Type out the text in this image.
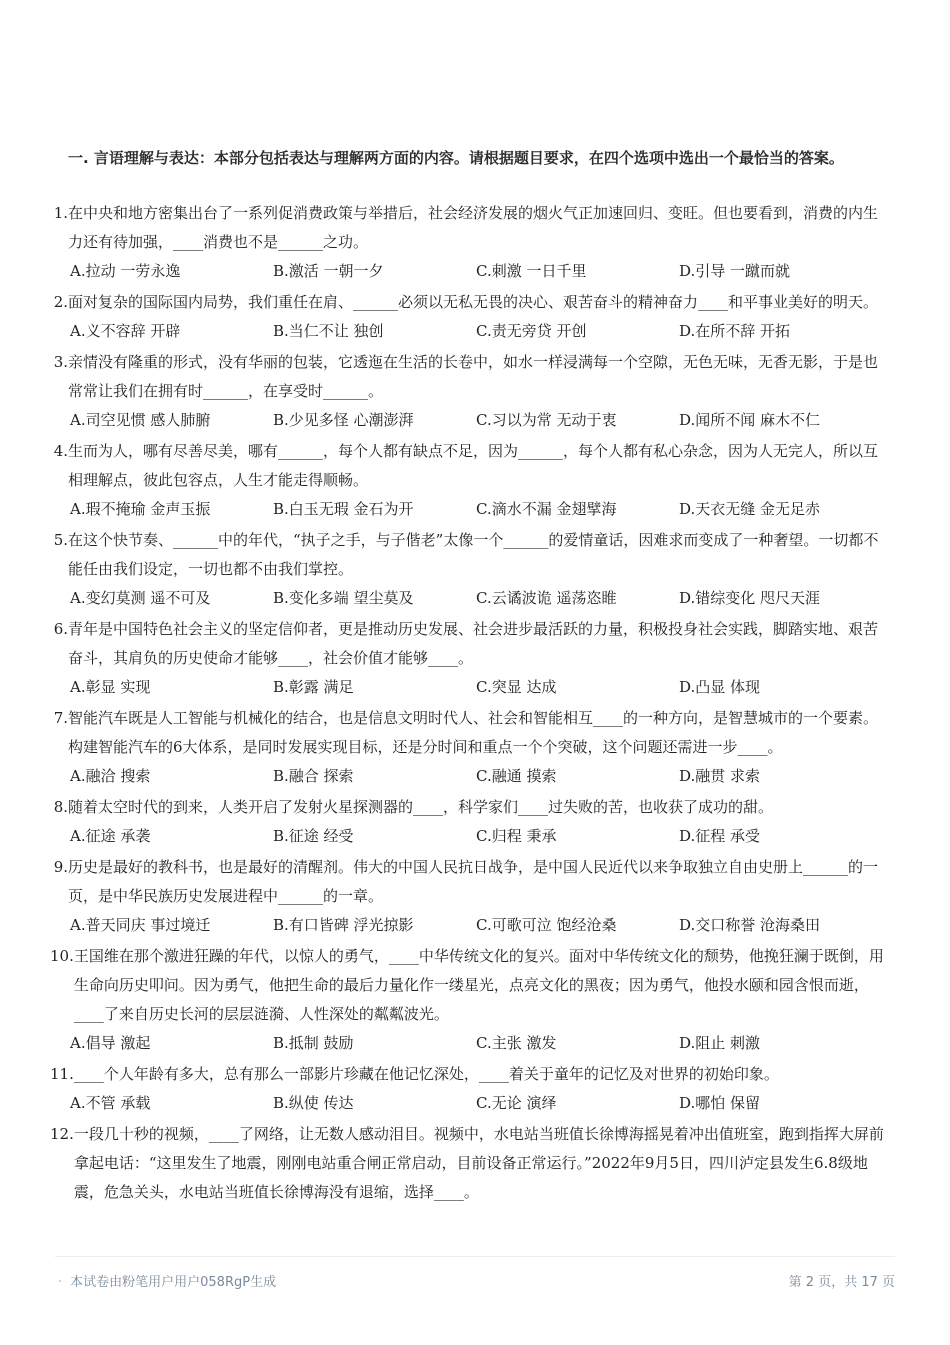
一. 言语理解与表达：本部分包括表达与理解两方面的内容。请根据题目要求，在四个选项中选出一个最恰当的答案。
1. 在中央和地方密集出台了一系列促消费政策与举措后，社会经济发展的烟火气正加速回归、变旺。但也要看到，消费的内生力还有待加强，____消费也不是______之功。
A.拉动 一劳永逸	B.激活 一朝一夕	C.刺激 一日千里	D.引导 一蹴而就
2. 面对复杂的国际国内局势，我们重任在肩、______必须以无私无畏的决心、艰苦奋斗的精神奋力____和平事业美好的明天。
A.义不容辞 开辟	B.当仁不让 独创	C.责无旁贷 开创	D.在所不辞 开拓
3. 亲情没有隆重的形式，没有华丽的包装，它透迤在生活的长卷中，如水一样浸满每一个空隙，无色无味，无香无影，于是也常常让我们在拥有时______，在享受时______。
A.司空见惯 感人肺腑	B.少见多怪 心潮澎湃	C.习以为常 无动于衷	D.闻所不闻 麻木不仁
4. 生而为人，哪有尽善尽美，哪有______，每个人都有缺点不足，因为______，每个人都有私心杂念，因为人无完人，所以互相理解点，彼此包容点，人生才能走得顺畅。
A.瑕不掩瑜 金声玉振	B.白玉无瑕 金石为开	C.滴水不漏 金翅擘海	D.天衣无缝 金无足赤
5. 在这个快节奏、______中的年代，“执子之手，与子偕老”太像一个______的爱情童话，因难求而变成了一种奢望。一切都不能任由我们设定，一切也都不由我们掌控。
A.变幻莫测 遥不可及	B.变化多端 望尘莫及	C.云谲波诡 遥荡恣睢	D.错综变化 咫尺天涯
6. 青年是中国特色社会主义的坚定信仰者，更是推动历史发展、社会进步最活跃的力量，积极投身社会实践，脚踏实地、艰苦奋斗，其肩负的历史使命才能够____，社会价值才能够____。
A.彰显 实现	B.彰露 满足	C.突显 达成	D.凸显 体现
7. 智能汽车既是人工智能与机械化的结合，也是信息文明时代人、社会和智能相互____的一种方向，是智慧城市的一个要素。构建智能汽车的6大体系，是同时发展实现目标，还是分时间和重点一个个突破，这个问题还需进一步____。
A.融洽 搜索	B.融合 探索	C.融通 摸索	D.融贯 求索
8. 随着太空时代的到来，人类开启了发射火星探测器的____，科学家们____过失败的苦，也收获了成功的甜。
A.征途 承袭	B.征途 经受	C.归程 秉承	D.征程 承受
9. 历史是最好的教科书，也是最好的清醒剂。伟大的中国人民抗日战争，是中国人民近代以来争取独立自由史册上______的一页，是中华民族历史发展进程中______的一章。
A.普天同庆 事过境迁	B.有口皆碑 浮光掠影	C.可歌可泣 饱经沧桑	D.交口称誉 沧海桑田
10. 王国维在那个激进狂躁的年代，以惊人的勇气，____中华传统文化的复兴。面对中华传统文化的颓势，他挽狂澜于既倒，用生命向历史叩问。因为勇气，他把生命的最后力量化作一缕星光，点亮文化的黑夜；因为勇气，他投水颐和园含恨而逝，____了来自历史长河的层层涟漪、人性深处的粼粼波光。
A.倡导 激起	B.抵制 鼓励	C.主张 激发	D.阻止 刺激
11. ____个人年龄有多大，总有那么一部影片珍藏在他记忆深处，____着关于童年的记忆及对世界的初始印象。
A.不管 承载	B.纵使 传达	C.无论 演绎	D.哪怕 保留
12. 一段几十秒的视频，____了网络，让无数人感动泪目。视频中，水电站当班值长徐博海摇晃着冲出值班室，跑到指挥大屏前拿起电话：“这里发生了地震，刚刚电站重合闸正常启动，目前设备正常运行。”2022年9月5日，四川泸定县发生6.8级地震，危急关头，水电站当班值长徐博海没有退缩，选择____。
· 本试卷由粉笔用户用户058RgP生成	第 2 页，共 17 页
